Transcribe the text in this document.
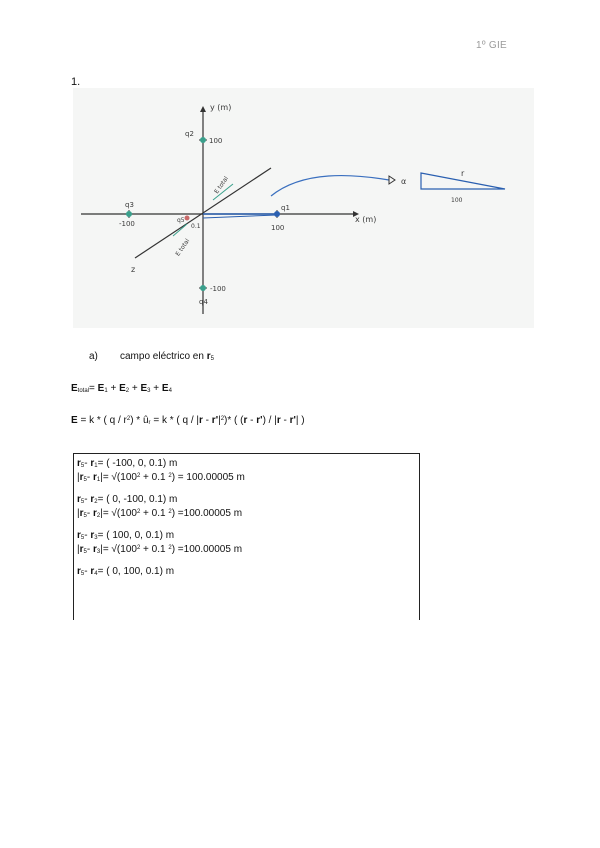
1º GIE
1.
y (m)
x (m)
z
q2
100
q3
-100
q1
100
q5
0.1
-100
q4
α
r
100
E total
E total
a) campo eléctrico en $r_5$
$E_{total}= E_1 + E_2 + E_3 + E_4$
E = k * ( q / $r^2$) * $û_r = k$ * ( q / $|r - r'|^2)*$ ( (r - r') / |r - r'| )
$r_5-$ $r_1=$ ( -100, 0, 0.1) m
$|r_5-$ $r_1|= √(100^2 + 0.1$ $^2$) = 100.00005 m
$r_5-$ $r_2=$ ( 0, -100, 0.1) m
$|r_5-$ $r_2|= √(100^2 + 0.1$ $^2$) =100.00005 m
$r_5-$ $r_3=$ ( 100, 0, 0.1) m
$|r_5-$ $r_3|= √(100^2 + 0.1$ $^2$) =100.00005 m
$r_5-$ $r_4=$ ( 0, 100, 0.1) m
